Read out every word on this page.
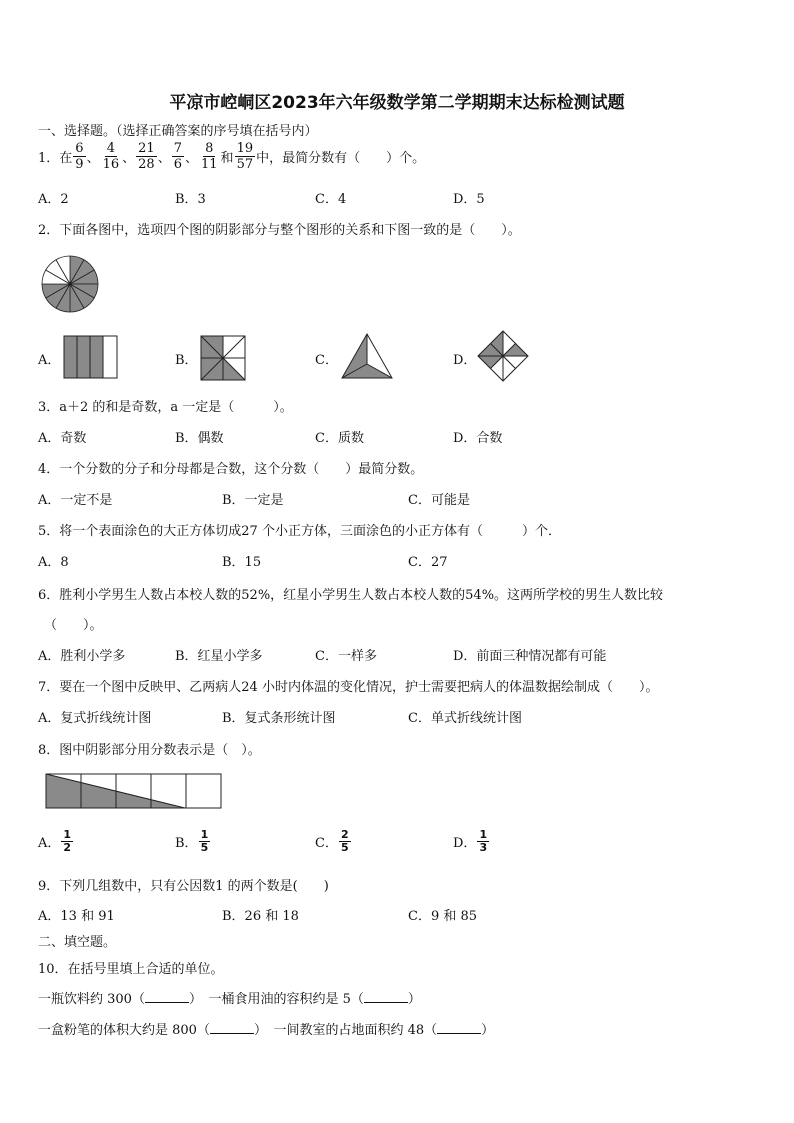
平凉市崆峒区2023年六年级数学第二学期期末达标检测试题
一、选择题。（选择正确答案的序号填在括号内）
1．在 $\frac{6}{9}$ 、 $\frac{4}{16}$ 、 $\frac{21}{28}$ 、 $\frac{7}{6}$ 、 $\frac{8}{11}$ 和 $\frac{19}{57}$ 中，最简分数有（　　）个。
A．2	B．3	C．4	D．5
2．下面各图中，选项四个图的阴影部分与整个图形的关系和下图一致的是（　　）。
A．	B．	C．	D．
3．a＋2 的和是奇数，a 一定是（　　　）。
A．奇数	B．偶数	C．质数	D．合数
4．一个分数的分子和分母都是合数，这个分数（　　）最简分数。
A．一定不是	B．一定是	C．可能是
5．将一个表面涂色的大正方体切成27 个小正方体，三面涂色的小正方体有（　　　）个．
A．8	B．15	C．27
6．胜利小学男生人数占本校人数的52%，红星小学男生人数占本校人数的54%。这两所学校的男生人数比较
（　　）。
A．胜利小学多	B．红星小学多	C．一样多	D．前面三种情况都有可能
7．要在一个图中反映甲、乙两病人24 小时内体温的变化情况，护士需要把病人的体温数据绘制成（　　）。
A．复式折线统计图	B．复式条形统计图	C．单式折线统计图
8．图中阴影部分用分数表示是（　）。
A． $\frac{1}{2}$	B． $\frac{1}{5}$	C． $\frac{2}{5}$	D． $\frac{1}{3}$
9．下列几组数中，只有公因数1 的两个数是(　　)
A．13 和 91	B．26 和 18	C．9 和 85
二、填空题。
10．在括号里填上合适的单位。
一瓶饮料约 300（	）　一桶食用油的容积约是 5（	）
一盒粉笔的体积大约是 800（	）　一间教室的占地面积约 48（	）
